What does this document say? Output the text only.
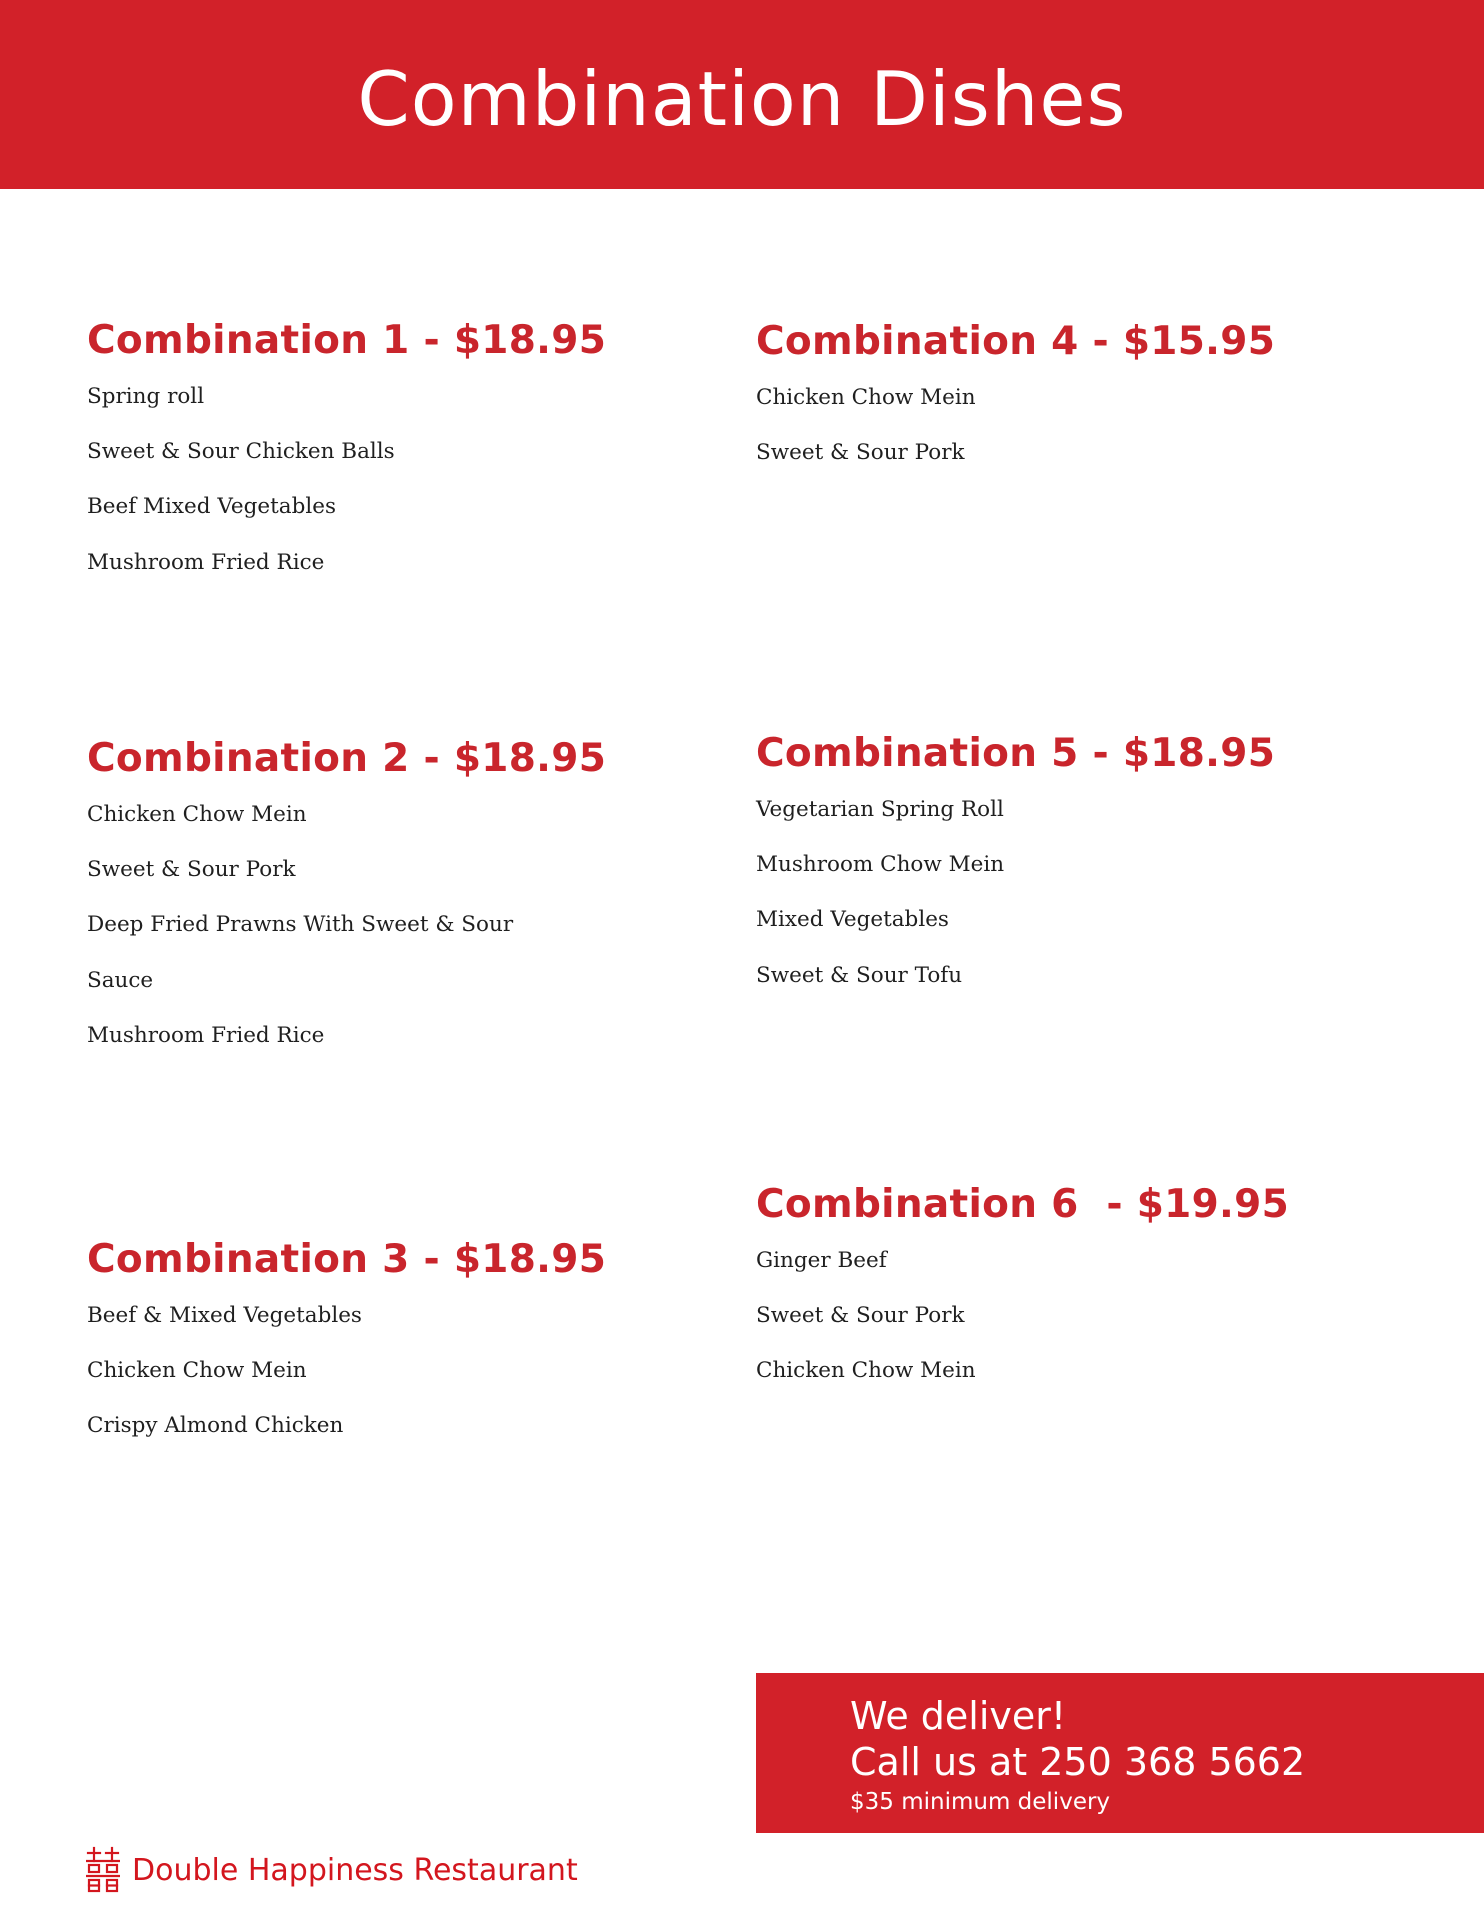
Combination Dishes
Combination 1 - $18.95
Spring roll
Sweet & Sour Chicken Balls
Beef Mixed Vegetables
Mushroom Fried Rice
Combination 2 - $18.95
Chicken Chow Mein
Sweet & Sour Pork
Deep Fried Prawns With Sweet & Sour
Sauce
Mushroom Fried Rice
Combination 3 - $18.95
Beef & Mixed Vegetables
Chicken Chow Mein
Crispy Almond Chicken
Combination 4 - $15.95
Chicken Chow Mein
Sweet & Sour Pork
Combination 5 - $18.95
Vegetarian Spring Roll
Mushroom Chow Mein
Mixed Vegetables
Sweet & Sour Tofu
Combination 6  - $19.95
Ginger Beef
Sweet & Sour Pork
Chicken Chow Mein
We deliver!
Call us at 250 368 5662
$35 minimum delivery
Double Happiness Restaurant
